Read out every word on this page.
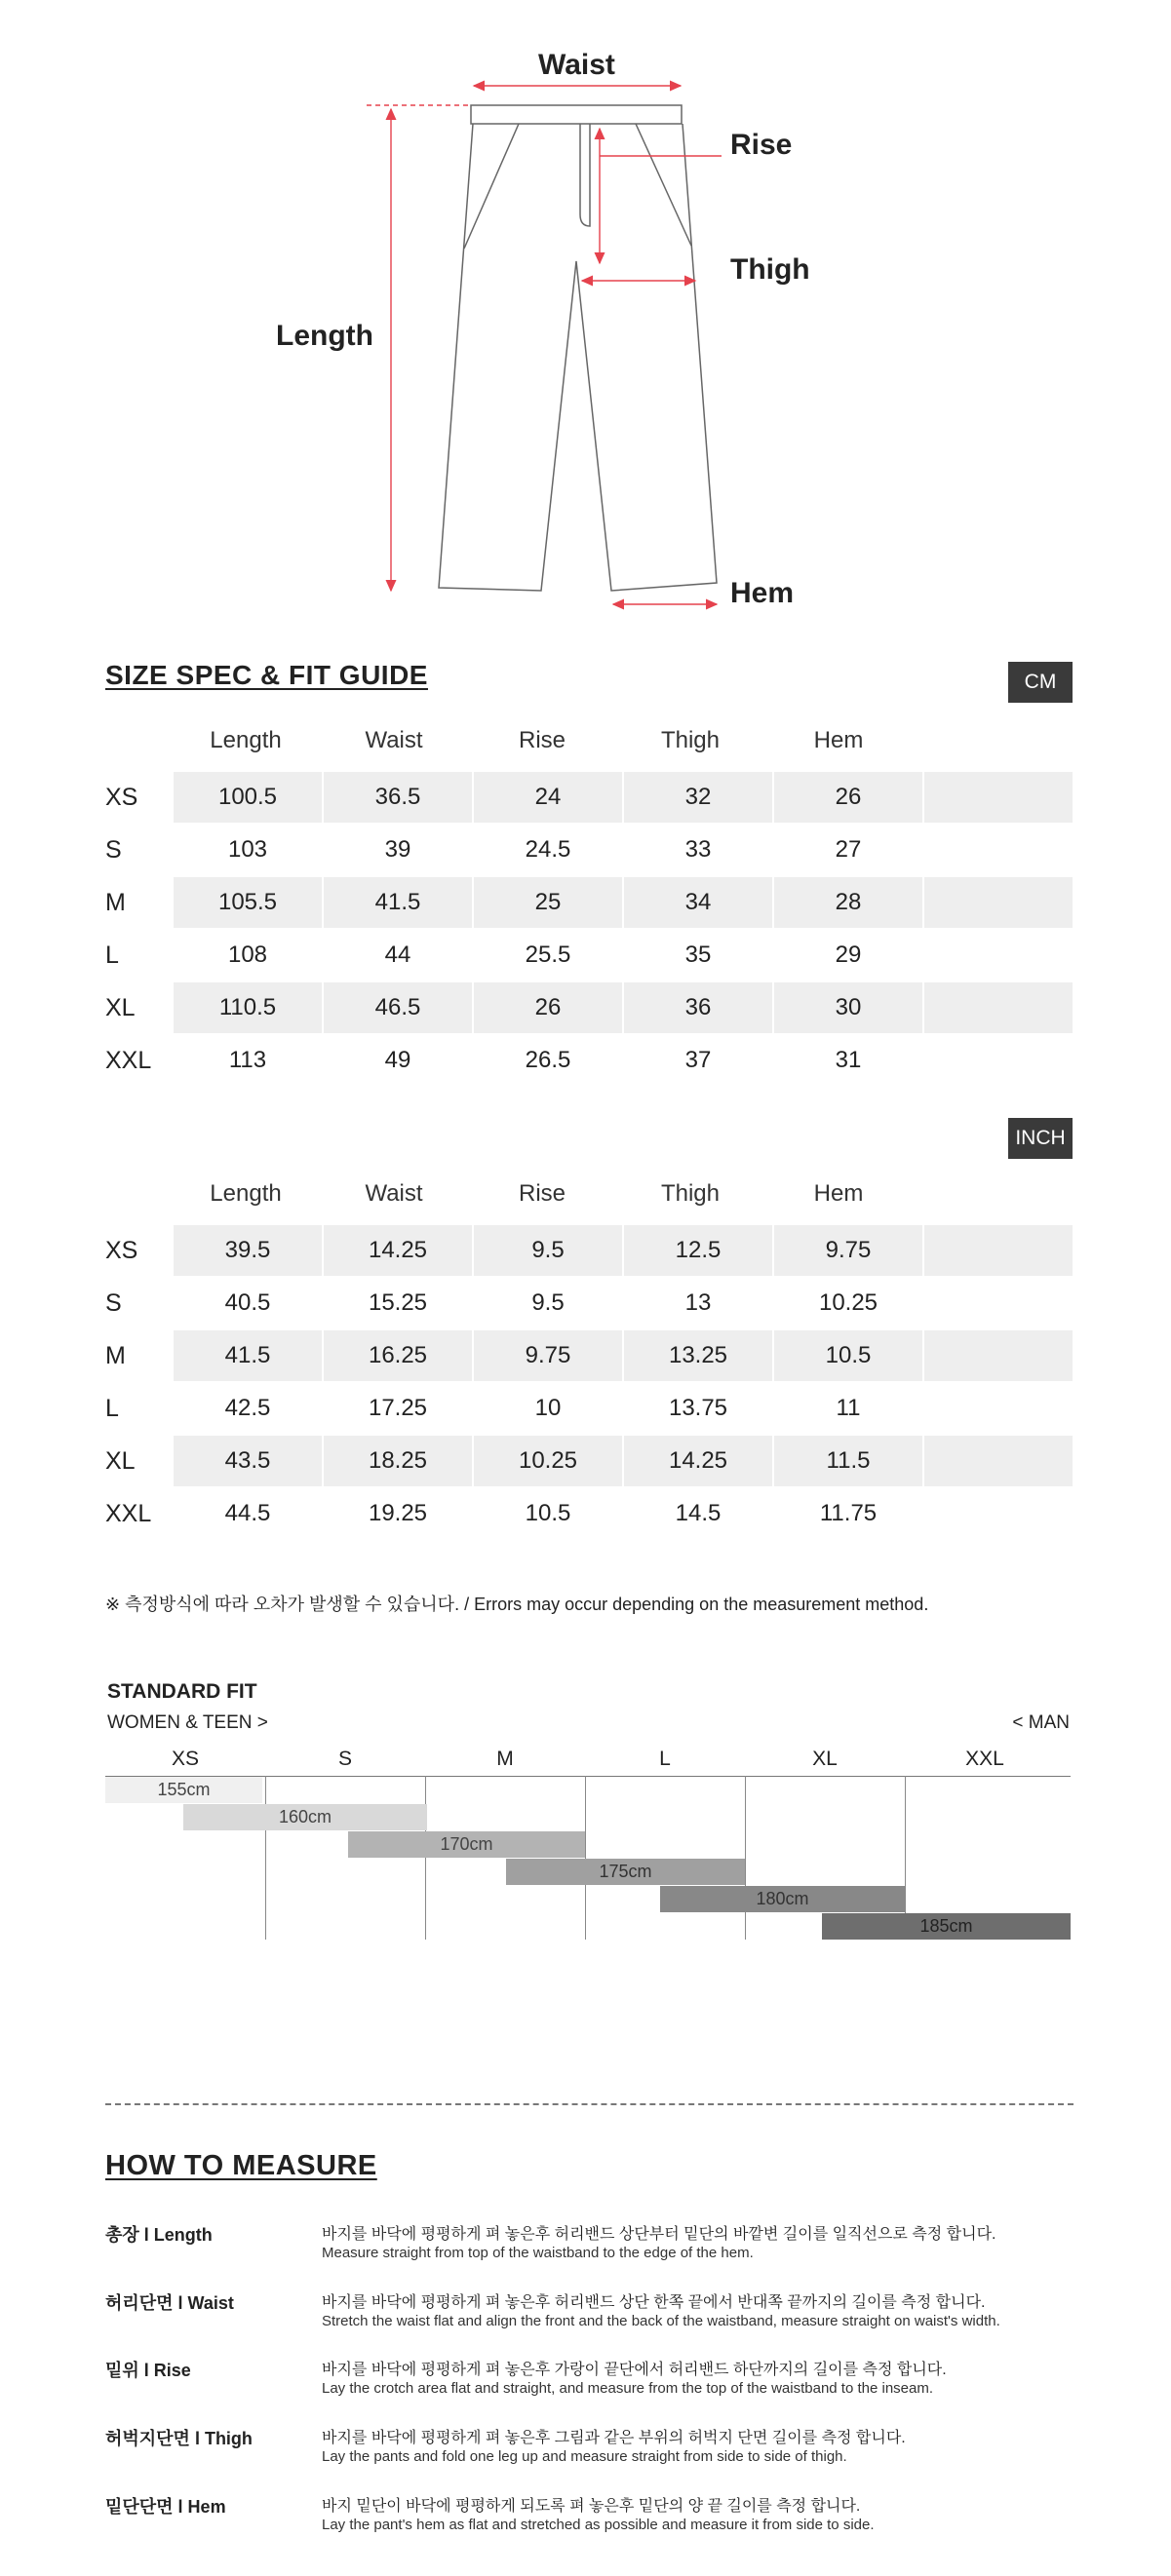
Waist
Rise
Thigh
Length
Hem
SIZE SPEC & FIT GUIDE	CM
Length	Waist	Rise	Thigh	Hem
XS	100.5	36.5	24	32	26
S	103	39	24.5	33	27
M	105.5	41.5	25	34	28
L	108	44	25.5	35	29
XL	110.5	46.5	26	36	30
XXL	113	49	26.5	37	31
INCH
Length	Waist	Rise	Thigh	Hem
XS	39.5	14.25	9.5	12.5	9.75
S	40.5	15.25	9.5	13	10.25
M	41.5	16.25	9.75	13.25	10.5
L	42.5	17.25	10	13.75	11
XL	43.5	18.25	10.25	14.25	11.5
XXL	44.5	19.25	10.5	14.5	11.75
※ 측정방식에 따라 오차가 발생할 수 있습니다. / Errors may occur depending on the measurement method.
STANDARD FIT
WOMEN & TEEN >	< MAN
XS	S	M	L	XL	XXL
155cm
160cm
170cm
175cm
180cm
185cm
HOW TO MEASURE
총장 l Length	바지를 바닥에 평평하게 펴 놓은후 허리밴드 상단부터 밑단의 바깥변 길이를 일직선으로 측정 합니다.
Measure straight from top of the waistband to the edge of the hem.
허리단면 l Waist	바지를 바닥에 평평하게 펴 놓은후 허리밴드 상단 한쪽 끝에서 반대쪽 끝까지의 길이를 측정 합니다.
Stretch the waist flat and align the front and the back of the waistband, measure straight on waist's width.
밑위 l Rise	바지를 바닥에 평평하게 펴 놓은후 가랑이 끝단에서 허리밴드 하단까지의 길이를 측정 합니다.
Lay the crotch area flat and straight, and measure from the top of the waistband to the inseam.
허벅지단면 l Thigh	바지를 바닥에 평평하게 펴 놓은후 그림과 같은 부위의 허벅지 단면 길이를 측정 합니다.
Lay the pants and fold one leg up and measure straight from side to side of thigh.
밑단단면 l Hem	바지 밑단이 바닥에 평평하게 되도록 펴 놓은후 밑단의 양 끝 길이를 측정 합니다.
Lay the pant's hem as flat and stretched as possible and measure it from side to side.
